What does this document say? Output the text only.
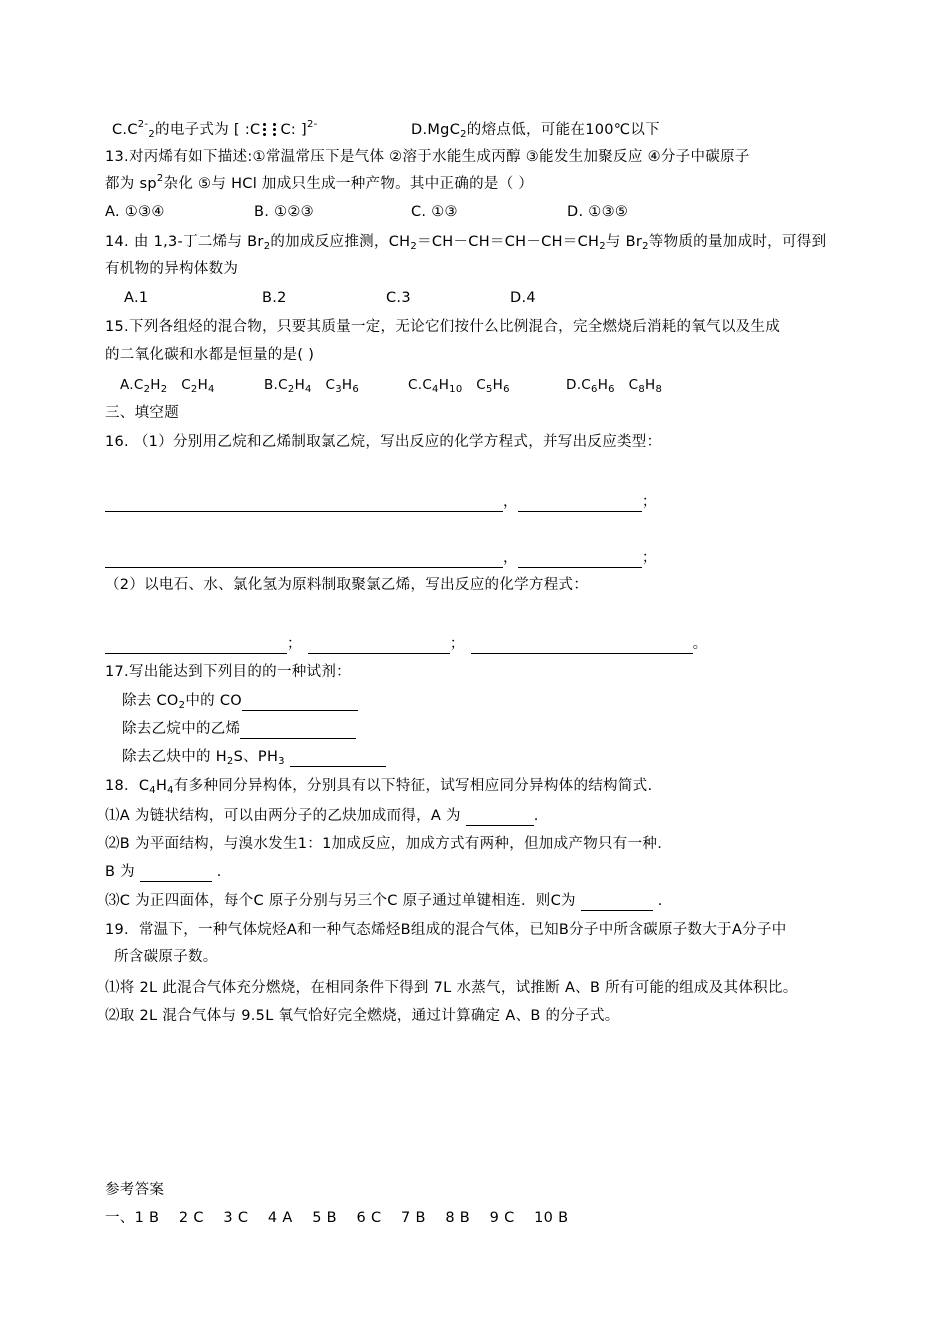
$C.C^{2-}_2$的电子式为 [ :C C: ]$^{2-}$	D.MgC$_2$的熔点低，可能在100℃以下
13.对丙烯有如下描述:①常温常压下是气体 ②溶于水能生成丙醇 ③能发生加聚反应 ④分子中碳原子
都为 $sp^2$杂化 ⑤与 HCl 加成只生成一种产物。其中正确的是（ ）
A. ①③④	B. ①②③	C. ①③	D. ①③⑤
14. 由 1,3-丁二烯与 $Br_2$的加成反应推测，$CH_2=CH-CH=CH-CH=CH_2$与 $Br_2$等物质的量加成时，可得到
有机物的异构体数为
A.1	B.2	C.3	D.4
15.下列各组烃的混合物，只要其质量一定，无论它们按什么比例混合，完全燃烧后消耗的氧气以及生成
的二氧化碳和水都是恒量的是( )
$A.C_2H_2$   $C_2H_4$	$B.C_2H_4$   $C_3H_6$	$C.C_4H_{10}$   $C_5H_6$	$D.C_6H_6$   $C_8H_8$
三、填空题
16. （1）分别用乙烷和乙烯制取氯乙烷，写出反应的化学方程式，并写出反应类型：
，	；
，	；
（2）以电石、水、氯化氢为原料制取聚氯乙烯，写出反应的化学方程式：
；	；	。
17.写出能达到下列目的的一种试剂：
除去 $CO_2$中的 CO
除去乙烷中的乙烯
除去乙炔中的 $H_2S$、$PH_3$
18．$C_4H_4$有多种同分异构体，分别具有以下特征，试写相应同分异构体的结构简式.
⑴A 为链状结构，可以由两分子的乙炔加成而得，A 为	.
⑵B 为平面结构，与溴水发生1：1加成反应，加成方式有两种，但加成产物只有一种.
B 为	.
⑶C 为正四面体，每个C 原子分别与另三个C 原子通过单键相连．则C为	.
19．常温下，一种气体烷烃A和一种气态烯烃B组成的混合气体，已知B分子中所含碳原子数大于A分子中
所含碳原子数。
⑴将 2L 此混合气体充分燃烧，在相同条件下得到 7L 水蒸气，试推断 A、B 所有可能的组成及其体积比。
⑵取 2L 混合气体与 9.5L 氧气恰好完全燃烧，通过计算确定 A、B 的分子式。
参考答案
一、1 B    2 C    3 C    4 A    5 B    6 C    7 B    8 B    9 C    10 B
